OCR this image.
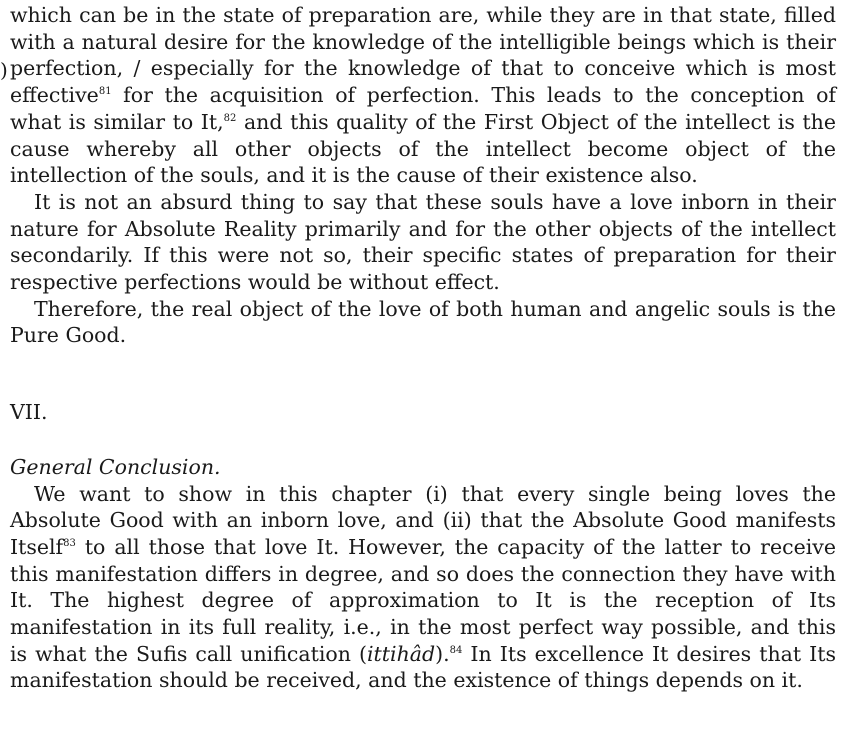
)

which can be in the state of preparation are, while they are in that state, filled with a natural desire for the knowledge of the intelligible beings which is their perfection, / especially for the knowledge of that to conceive which is most effective$^{81}$ for the acquisition of perfection. This leads to the conception of what is similar to It,$^{82}$ and this quality of the First Object of the intellect is the cause whereby all other objects of the intellect become object of the intellection of the souls, and it is the cause of their existence also.

It is not an absurd thing to say that these souls have a love inborn in their nature for Absolute Reality primarily and for the other objects of the intellect secondarily. If this were not so, their specific states of preparation for their respective perfections would be without effect.

Therefore, the real object of the love of both human and angelic souls is the Pure Good.

VII.

General Conclusion.

We want to show in this chapter (i) that every single being loves the Absolute Good with an inborn love, and (ii) that the Absolute Good manifests Itself$^{83}$ to all those that love It. However, the capacity of the latter to receive this manifestation differs in degree, and so does the connection they have with It. The highest degree of approximation to It is the reception of Its manifestation in its full reality, i.e., in the most perfect way possible, and this is what the Sufis call unification (ittihâd).$^{84}$ In Its excellence It desires that Its manifestation should be received, and the existence of things depends on it.
